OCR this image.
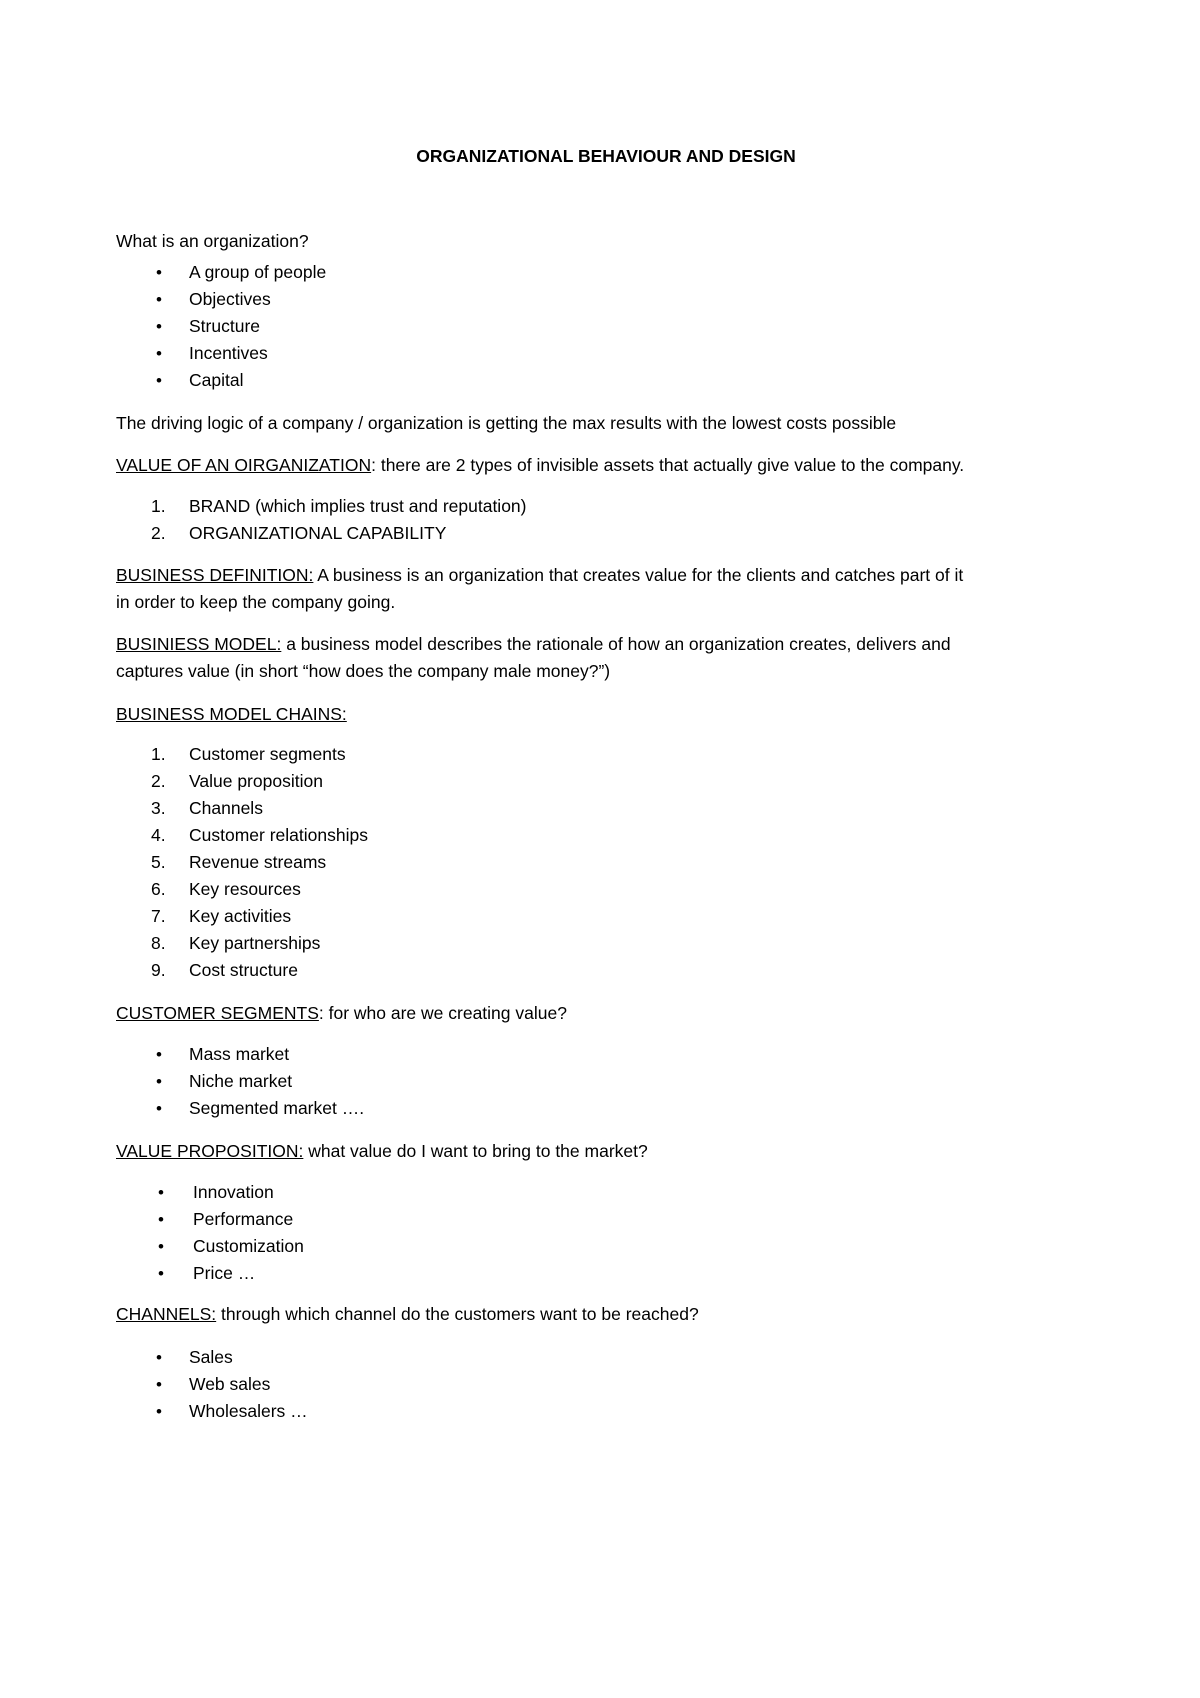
ORGANIZATIONAL BEHAVIOUR AND DESIGN
What is an organization?
• A group of people
• Objectives
• Structure
• Incentives
• Capital
The driving logic of a company / organization is getting the max results with the lowest costs possible
VALUE OF AN OIRGANIZATION: there are 2 types of invisible assets that actually give value to the company.
1. BRAND (which implies trust and reputation)
2. ORGANIZATIONAL CAPABILITY
BUSINESS DEFINITION: A business is an organization that creates value for the clients and catches part of it
in order to keep the company going.
BUSINIESS MODEL: a business model describes the rationale of how an organization creates, delivers and
captures value (in short “how does the company male money?”)
BUSINESS MODEL CHAINS:
1. Customer segments
2. Value proposition
3. Channels
4. Customer relationships
5. Revenue streams
6. Key resources
7. Key activities
8. Key partnerships
9. Cost structure
CUSTOMER SEGMENTS: for who are we creating value?
• Mass market
• Niche market
• Segmented market ….
VALUE PROPOSITION: what value do I want to bring to the market?
• Innovation
• Performance
• Customization
• Price …
CHANNELS: through which channel do the customers want to be reached?
• Sales
• Web sales
• Wholesalers …
